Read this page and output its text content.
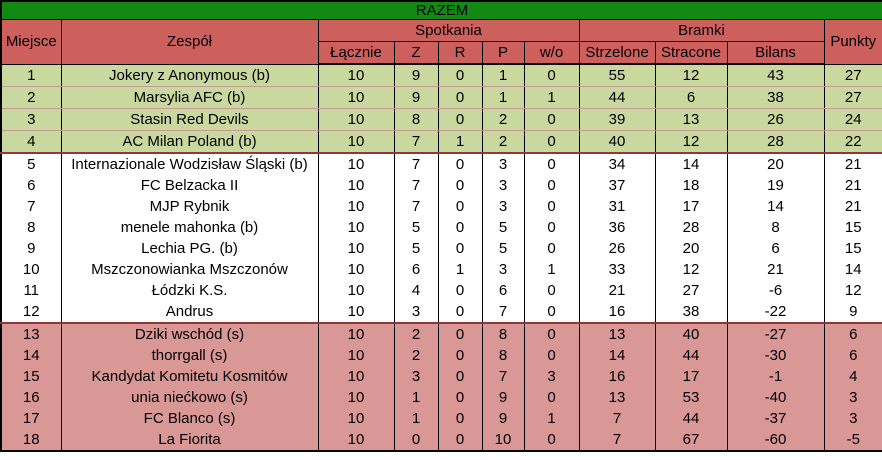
RAZEM										
Miejsce	Zespół	Spotkania					Bramki			Punkty
		Łącznie	Z	R	P	w/o	Strzelone	Stracone	Bilans	
1	Jokery z Anonymous (b)	10	9	0	1	0	55	12	43	27
2	Marsylia AFC (b)	10	9	0	1	1	44	6	38	27
3	Stasin Red Devils	10	8	0	2	0	39	13	26	24
4	AC Milan Poland (b)	10	7	1	2	0	40	12	28	22
5	Internazionale Wodzisław Śląski (b)	10	7	0	3	0	34	14	20	21
6	FC Belzacka II	10	7	0	3	0	37	18	19	21
7	MJP Rybnik	10	7	0	3	0	31	17	14	21
8	menele mahonka (b)	10	5	0	5	0	36	28	8	15
9	Lechia PG. (b)	10	5	0	5	0	26	20	6	15
10	Mszczonowianka Mszczonów	10	6	1	3	1	33	12	21	14
11	Łódzki K.S.	10	4	0	6	0	21	27	-6	12
12	Andrus	10	3	0	7	0	16	38	-22	9
13	Dziki wschód (s)	10	2	0	8	0	13	40	-27	6
14	thorrgall (s)	10	2	0	8	0	14	44	-30	6
15	Kandydat Komitetu Kosmitów	10	3	0	7	3	16	17	-1	4
16	unia niećkowo (s)	10	1	0	9	0	13	53	-40	3
17	FC Blanco (s)	10	1	0	9	1	7	44	-37	3
18	La Fiorita	10	0	0	10	0	7	67	-60	-5
